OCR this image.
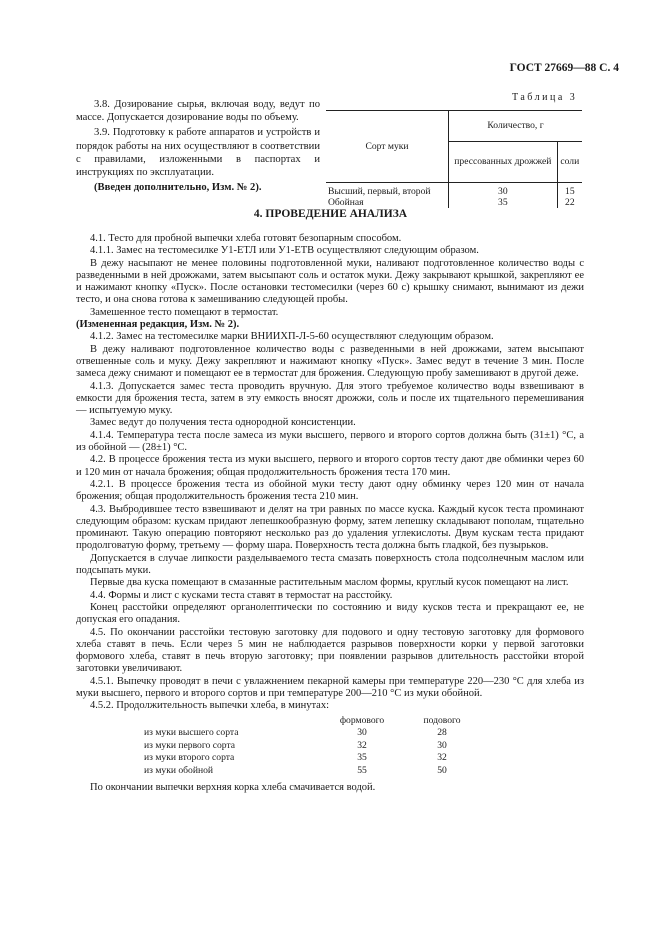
ГОСТ 27669—88 С. 4

3.8. Дозирование сырья, включая воду, ведут по массе. Допускается дозирование воды по объему.

3.9. Подготовку к работе аппаратов и устройств и порядок работы на них осуществляют в соответствии с правилами, изложенными в паспортах и инструкциях по эксплуатации.

(Введен дополнительно, Изм. № 2).

Таблица 3
Сорт муки	Количество, г	
	прессованных дрожжей	соли
Высший, первый, второй	30	15
Обойная	35	22
4. ПРОВЕДЕНИЕ АНАЛИЗА

4.1. Тесто для пробной выпечки хлеба готовят безопарным способом.

4.1.1. Замес на тестомесилке У1-ЕТЛ или У1-ЕТВ осуществляют следующим образом.

В дежу насыпают не менее половины подготовленной муки, наливают подготовленное количество воды с разведенными в ней дрожжами, затем высыпают соль и остаток муки. Дежу закрывают крышкой, закрепляют ее и нажимают кнопку «Пуск». После остановки тестомесилки (через 60 с) крышку снимают, вынимают из дежи тесто, и она снова готова к замешиванию следующей пробы.

Замешенное тесто помещают в термостат.

(Измененная редакция, Изм. № 2).

4.1.2. Замес на тестомесилке марки ВНИИХП-Л-5-60 осуществляют следующим образом.

В дежу наливают подготовленное количество воды с разведенными в ней дрожжами, затем высыпают отвешенные соль и муку. Дежу закрепляют и нажимают кнопку «Пуск». Замес ведут в течение 3 мин. После замеса дежу снимают и помещают ее в термостат для брожения. Следующую пробу замешивают в другой деже.

4.1.3. Допускается замес теста проводить вручную. Для этого требуемое количество воды взвешивают в емкости для брожения теста, затем в эту емкость вносят дрожжи, соль и после их тщательного перемешивания — испытуемую муку.

Замес ведут до получения теста однородной консистенции.

4.1.4. Температура теста после замеса из муки высшего, первого и второго сортов должна быть (31±1) °С, а из обойной — (28±1) °С.

4.2. В процессе брожения теста из муки высшего, первого и второго сортов тесту дают две обминки через 60 и 120 мин от начала брожения; общая продолжительность брожения теста 170 мин.

4.2.1. В процессе брожения теста из обойной муки тесту дают одну обминку через 120 мин от начала брожения; общая продолжительность брожения теста 210 мин.

4.3. Выбродившее тесто взвешивают и делят на три равных по массе куска. Каждый кусок теста проминают следующим образом: кускам придают лепешкообразную форму, затем лепешку складывают пополам, тщательно проминают. Такую операцию повторяют несколько раз до удаления углекислоты. Двум кускам теста придают продолговатую форму, третьему — форму шара. Поверхность теста должна быть гладкой, без пузырьков.

Допускается в случае липкости разделываемого теста смазать поверхность стола подсолнечным маслом или подсыпать муки.

Первые два куска помещают в смазанные растительным маслом формы, круглый кусок помещают на лист.

4.4. Формы и лист с кусками теста ставят в термостат на расстойку.

Конец расстойки определяют органолептически по состоянию и виду кусков теста и прекращают ее, не допуская его опадания.

4.5. По окончании расстойки тестовую заготовку для подового и одну тестовую заготовку для формового хлеба ставят в печь. Если через 5 мин не наблюдается разрывов поверхности корки у первой заготовки формового хлеба, ставят в печь вторую заготовку; при появлении разрывов длительность расстойки второй заготовки увеличивают.

4.5.1. Выпечку проводят в печи с увлажнением пекарной камеры при температуре 220—230 °С для хлеба из муки высшего, первого и второго сортов и при температуре 200—210 °С из муки обойной.

4.5.2. Продолжительность выпечки хлеба, в минутах:

	формового	подового
из муки высшего сорта	30	28
из муки первого сорта	32	30
из муки второго сорта	35	32
из муки обойной	55	50

По окончании выпечки верхняя корка хлеба смачивается водой.
